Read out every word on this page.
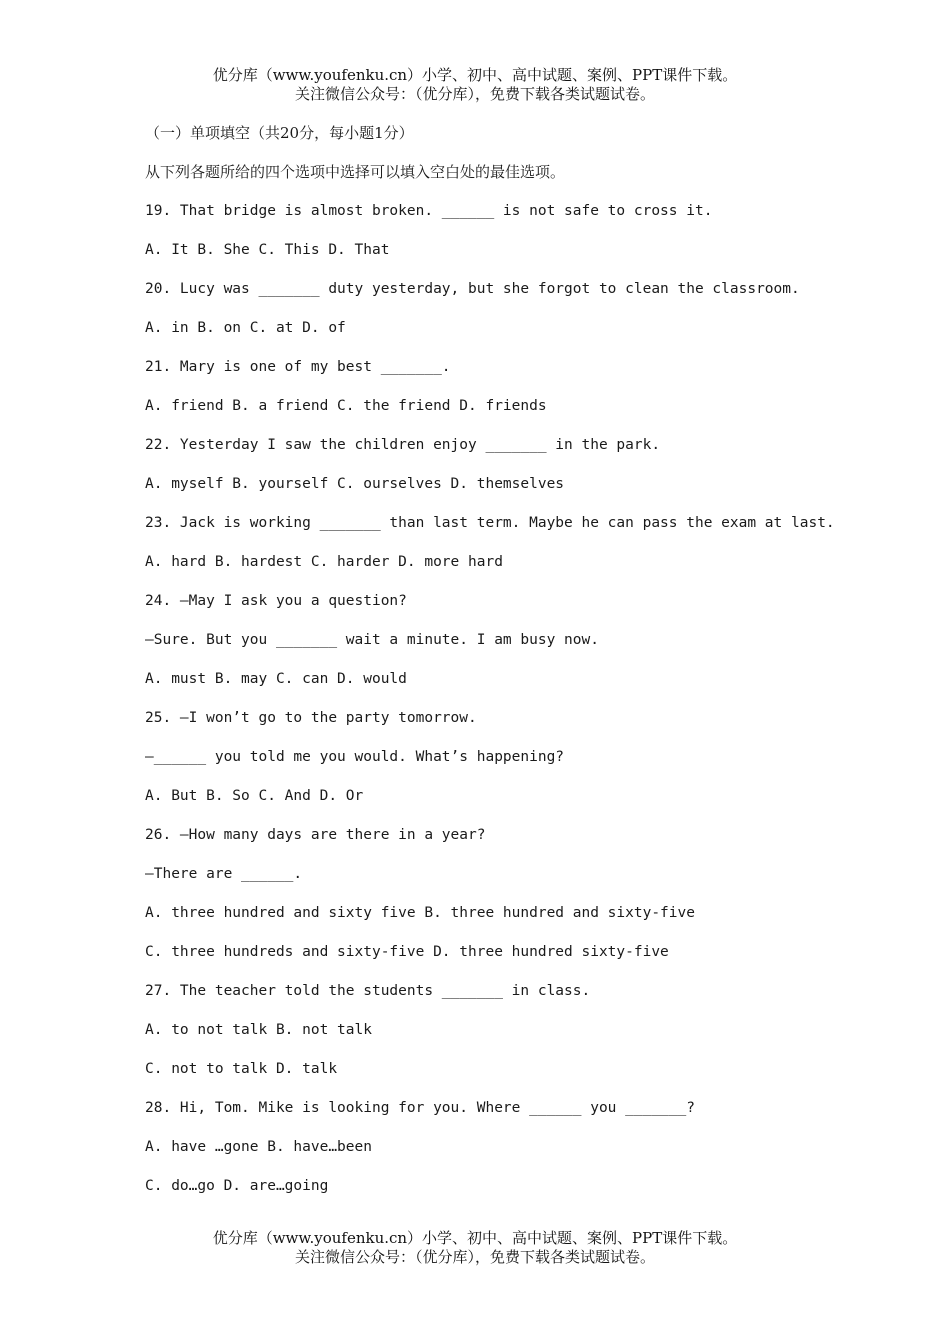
优分库（www.youfenku.cn）小学、初中、高中试题、案例、PPT课件下载。
关注微信公众号：（优分库），免费下载各类试题试卷。
（一）单项填空（共20分，每小题1分）
从下列各题所给的四个选项中选择可以填入空白处的最佳选项。
19. That bridge is almost broken. ______ is not safe to cross it.
A. It B. She C. This D. That
20. Lucy was _______ duty yesterday, but she forgot to clean the classroom.
A. in B. on C. at D. of
21. Mary is one of my best _______.
A. friend B. a friend C. the friend D. friends
22. Yesterday I saw the children enjoy _______ in the park.
A. myself B. yourself C. ourselves D. themselves
23. Jack is working _______ than last term. Maybe he can pass the exam at last.
A. hard B. hardest C. harder D. more hard
24. —May I ask you a question?
—Sure. But you _______ wait a minute. I am busy now.
A. must B. may C. can D. would
25. —I won’t go to the party tomorrow.
—______ you told me you would. What’s happening?
A. But B. So C. And D. Or
26. —How many days are there in a year?
—There are ______.
A. three hundred and sixty five B. three hundred and sixty-five
C. three hundreds and sixty-five D. three hundred sixty-five
27. The teacher told the students _______ in class.
A. to not talk B. not talk
C. not to talk D. talk
28. Hi, Tom. Mike is looking for you. Where ______ you _______?
A. have …gone B. have…been
C. do…go D. are…going
优分库（www.youfenku.cn）小学、初中、高中试题、案例、PPT课件下载。
关注微信公众号：（优分库），免费下载各类试题试卷。
